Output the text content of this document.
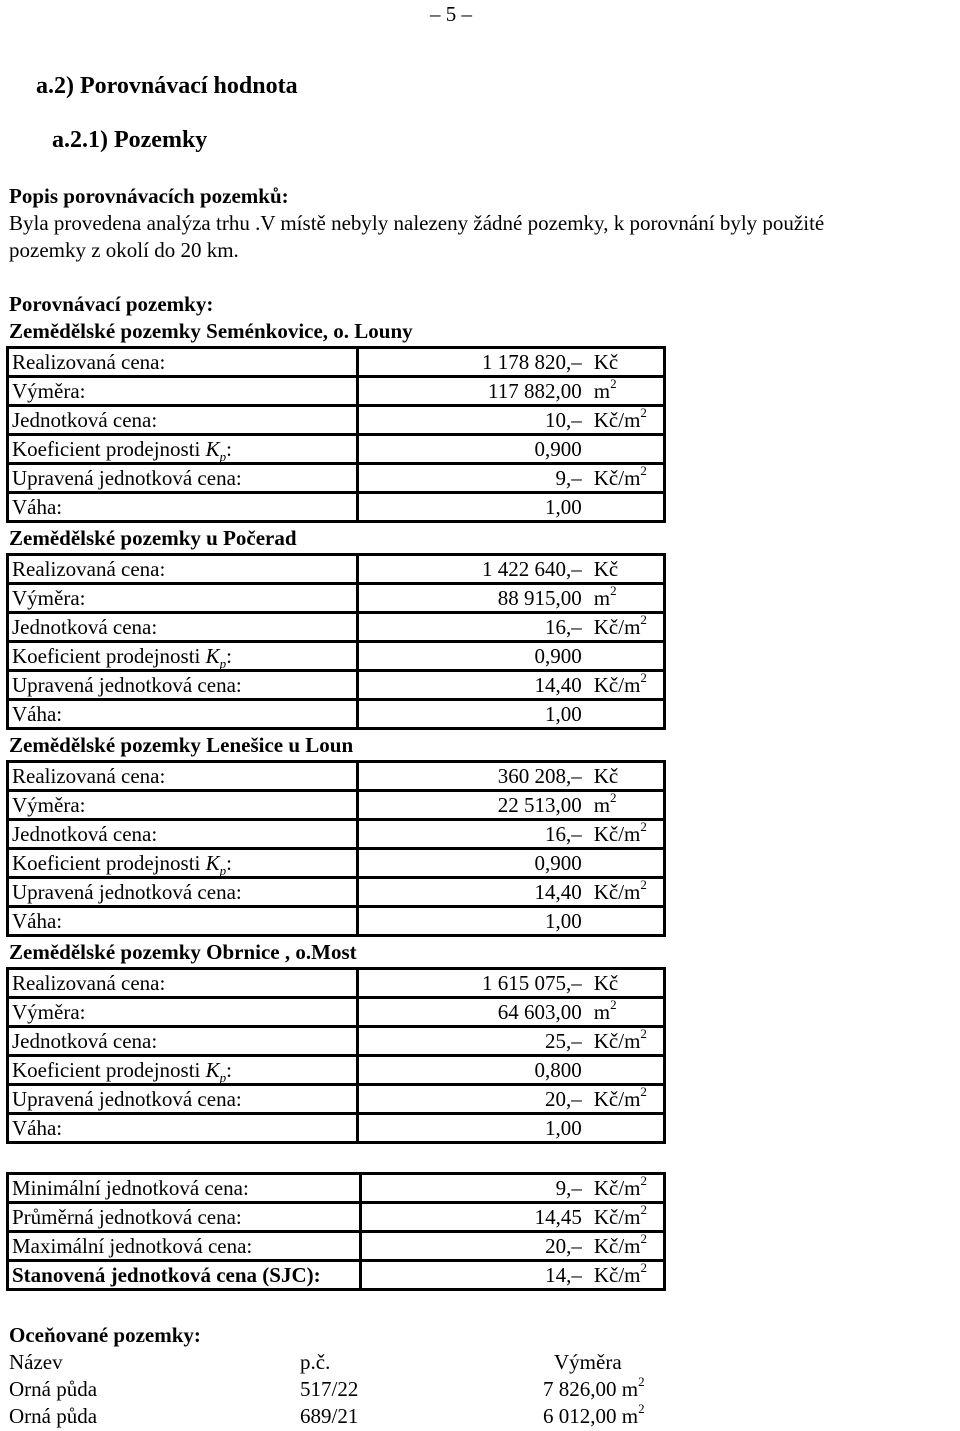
– 5 –
a.2) Porovnávací hodnota
a.2.1) Pozemky
Popis porovnávacích pozemků:
Byla provedena analýza trhu .V místě nebyly nalezeny žádné pozemky, k porovnání byly použité
pozemky z okolí do 20 km.
Porovnávací pozemky:
Zemědělské pozemky Seménkovice, o. Louny
Realizovaná cena:	1 178 820,–	Kč
Výměra:	117 882,00	$m^2$
Jednotková cena:	10,–	$Kč/m^2$
Koeficient prodejnosti $K_p$:	0,900	
Upravená jednotková cena:	9,–	$Kč/m^2$
Váha:	1,00	
Zemědělské pozemky u Počerad
Realizovaná cena:	1 422 640,–	Kč
Výměra:	88 915,00	$m^2$
Jednotková cena:	16,–	$Kč/m^2$
Koeficient prodejnosti $K_p$:	0,900	
Upravená jednotková cena:	14,40	$Kč/m^2$
Váha:	1,00	
Zemědělské pozemky Lenešice u Loun
Realizovaná cena:	360 208,–	Kč
Výměra:	22 513,00	$m^2$
Jednotková cena:	16,–	$Kč/m^2$
Koeficient prodejnosti $K_p$:	0,900	
Upravená jednotková cena:	14,40	$Kč/m^2$
Váha:	1,00	
Zemědělské pozemky Obrnice , o.Most
Realizovaná cena:	1 615 075,–	Kč
Výměra:	64 603,00	$m^2$
Jednotková cena:	25,–	$Kč/m^2$
Koeficient prodejnosti $K_p$:	0,800	
Upravená jednotková cena:	20,–	$Kč/m^2$
Váha:	1,00	
Minimální jednotková cena:	9,–	$Kč/m^2$
Průměrná jednotková cena:	14,45	$Kč/m^2$
Maximální jednotková cena:	20,–	$Kč/m^2$
Stanovená jednotková cena (SJC):	14,–	$Kč/m^2$
Oceňované pozemky:
Název	p.č.	Výměra
Orná půda	517/22	7 826,00 $m^2$
Orná půda	689/21	6 012,00 $m^2$
